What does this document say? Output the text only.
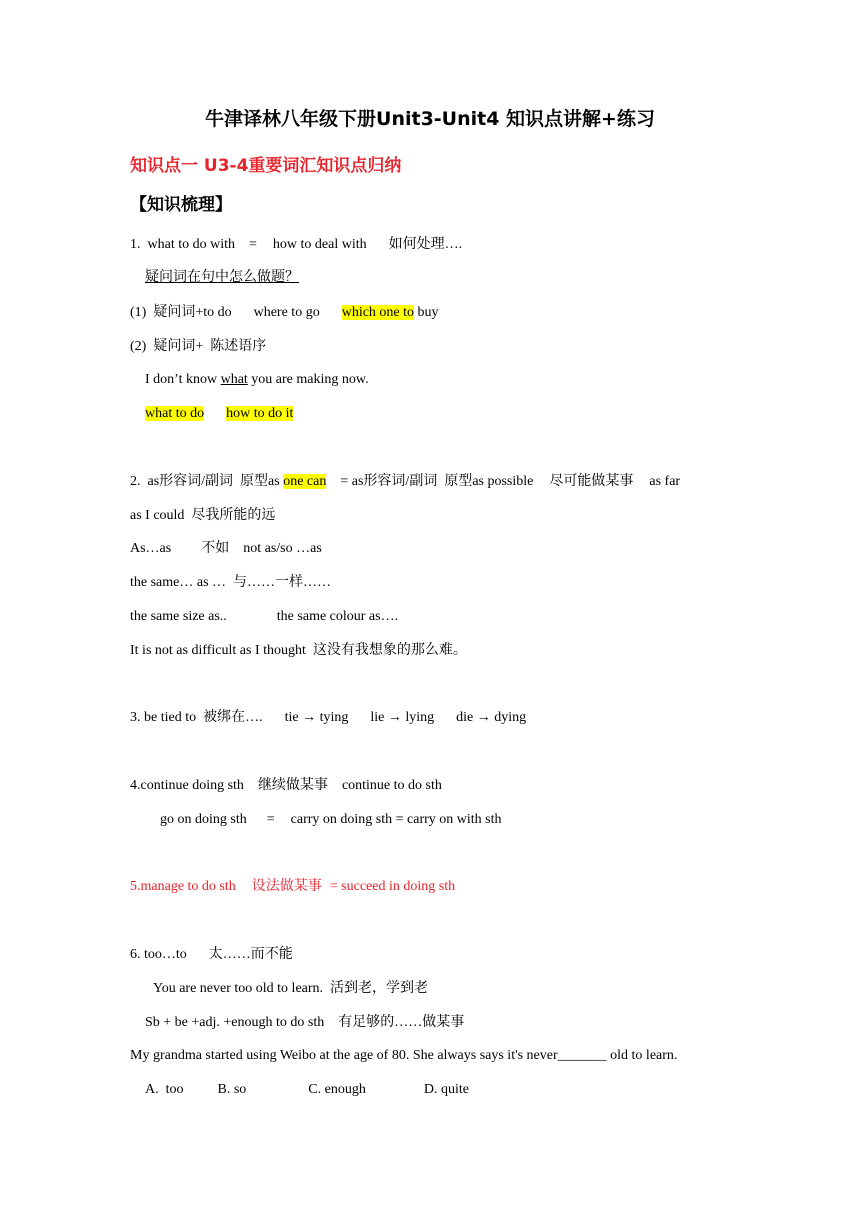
牛津译林八年级下册Unit3-Unit4 知识点讲解+练习
知识点一 U3-4重要词汇知识点归纳
【知识梳理】
1.  what to do with = how to deal with 如何处理….
疑问词在句中怎么做题？
(1)  疑问词+to do where to go which one to buy
(2)  疑问词+  陈述语序
I don’t know what you are making now.
what to do how to do it
2.  as形容词/副词  原型as one can = as形容词/副词  原型as possible 尽可能做某事 as far
as I could  尽我所能的远
As…as 不如 not as/so …as
the same… as …  与……一样……
the same size as..	the same colour as….
It is not as difficult as I thought  这没有我想象的那么难。
3. be tied to  被绑在…. tie → tying lie → lying die → dying
4.continue doing sth 继续做某事 continue to do sth
go on doing sth = carry on doing sth = carry on with sth
5.manage to do sth 设法做某事 = succeed in doing sth
6. too…to 太……而不能
You are never too old to learn.  活到老，学到老
Sb + be +adj. +enough to do sth 有足够的……做某事
My grandma started using Weibo at the age of 80. She always says it's never_______ old to learn.
A.  too B. so	C. enough	D. quite
